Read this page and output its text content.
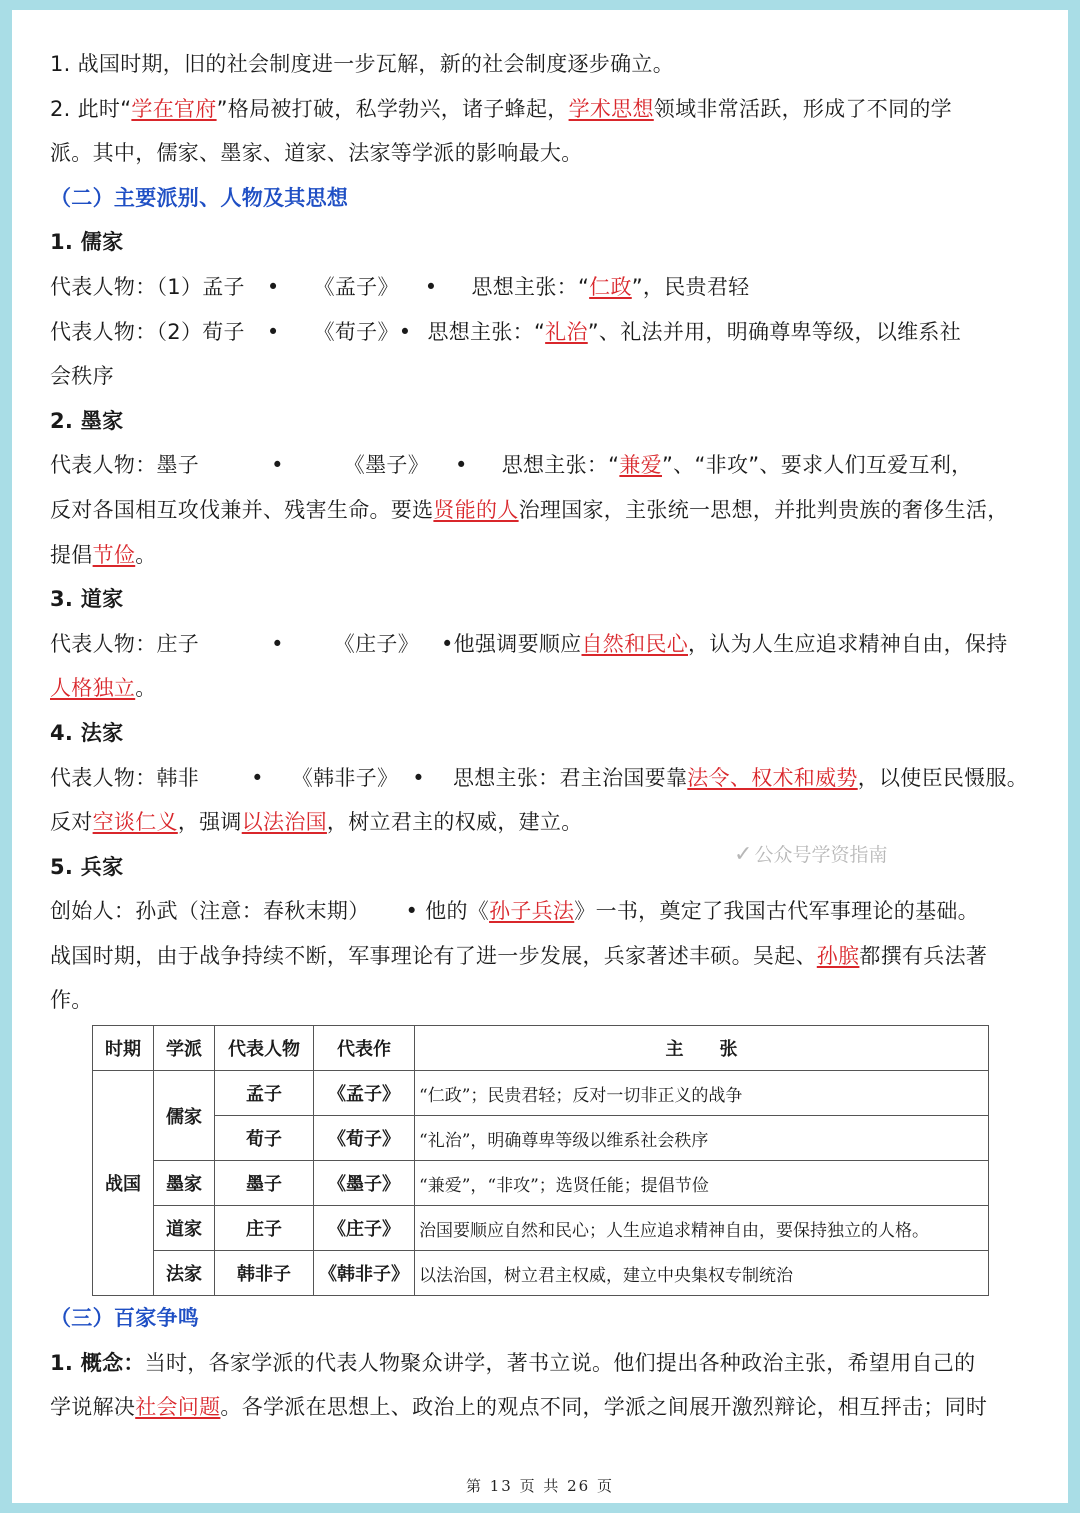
1. 战国时期，旧的社会制度进一步瓦解，新的社会制度逐步确立。
2. 此时“学在官府”格局被打破，私学勃兴，诸子蜂起，学术思想领域非常活跃，形成了不同的学
派。其中，儒家、墨家、道家、法家等学派的影响最大。
（二）主要派别、人物及其思想
1. 儒家
代表人物：（1）孟子 • 《孟子》 • 思想主张：“仁政”，民贵君轻
代表人物：（2）荀子 • 《荀子》• 思想主张：“礼治”、礼法并用，明确尊卑等级，以维系社
会秩序
2. 墨家
代表人物：墨子	•	《墨子》 • 思想主张：“兼爱”、“非攻”、要求人们互爱互利，
反对各国相互攻伐兼并、残害生命。要选贤能的人治理国家，主张统一思想，并批判贵族的奢侈生活，
提倡节俭。
3. 道家
代表人物：庄子	• 《庄子》 •他强调要顺应自然和民心，认为人生应追求精神自由，保持
人格独立。
4. 法家
代表人物：韩非 • 《韩非子》 • 思想主张：君主治国要靠法令、权术和威势，以使臣民慑服。
反对空谈仁义，强调以法治国，树立君主的权威，建立。
5. 兵家
创始人：孙武（注意：春秋末期） • 他的《孙子兵法》一书，奠定了我国古代军事理论的基础。
战国时期，由于战争持续不断，军事理论有了进一步发展，兵家著述丰硕。吴起、孙膑都撰有兵法著
作。
时期	学派	代表人物	代表作	主　　张
战国	儒家	孟子	《孟子》	“仁政”；民贵君轻；反对一切非正义的战争
		荀子	《荀子》	“礼治”，明确尊卑等级以维系社会秩序
	墨家	墨子	《墨子》	“兼爱”，“非攻”；选贤任能；提倡节俭
	道家	庄子	《庄子》	治国要顺应自然和民心；人生应追求精神自由，要保持独立的人格。
	法家	韩非子	《韩非子》	以法治国，树立君主权威，建立中央集权专制统治
（三）百家争鸣
1. 概念：当时，各家学派的代表人物聚众讲学，著书立说。他们提出各种政治主张，希望用自己的
学说解决社会问题。各学派在思想上、政治上的观点不同，学派之间展开激烈辩论，相互抨击；同时
✓ 公众号学资指南
第 13 页 共 26 页
